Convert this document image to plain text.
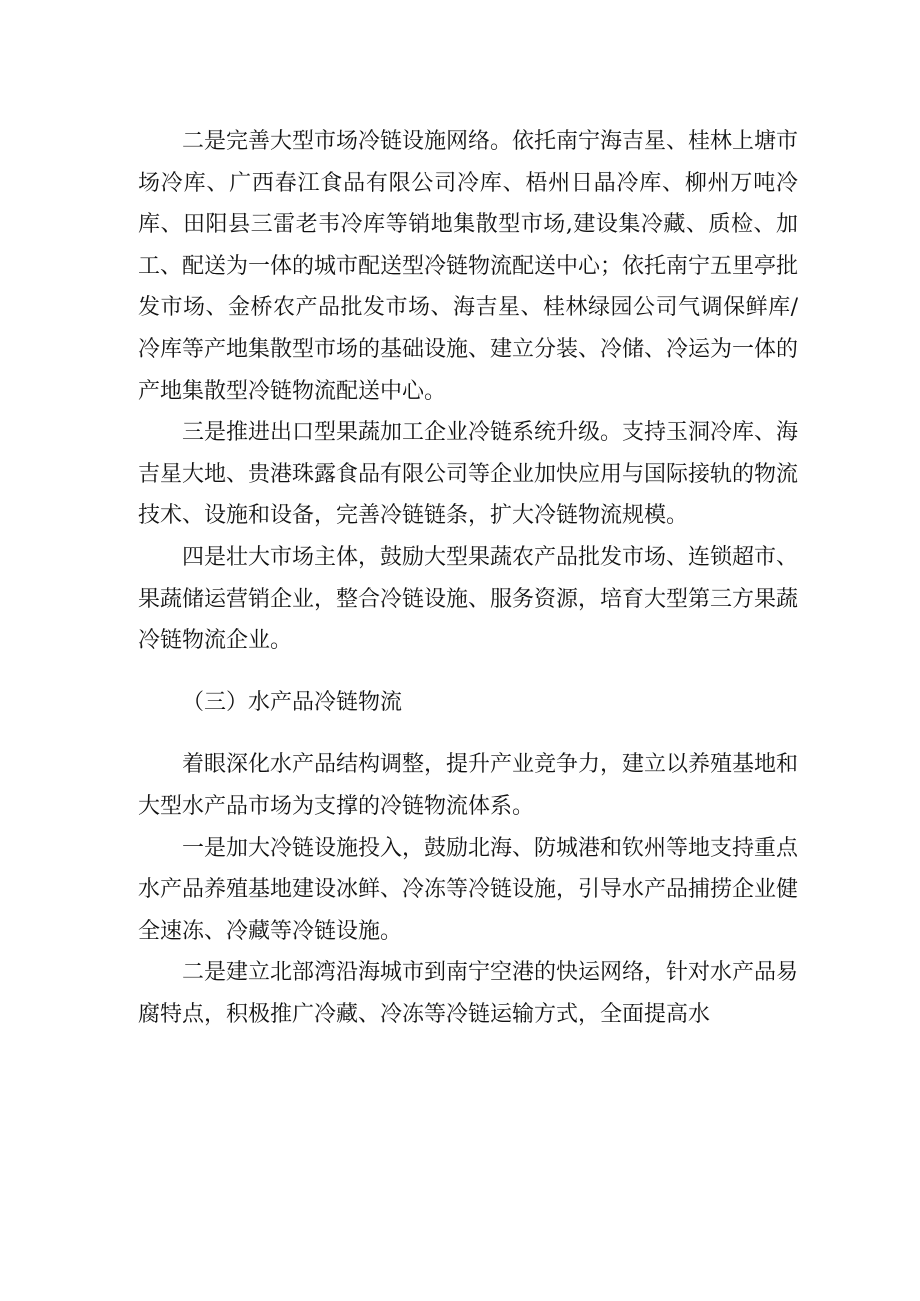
二是完善大型市场冷链设施网络。依托南宁海吉星、桂林上塘市场冷库、广西春江食品有限公司冷库、梧州日晶冷库、柳州万吨冷库、田阳县三雷老韦冷库等销地集散型市场,建设集冷藏、质检、加工、配送为一体的城市配送型冷链物流配送中心；依托南宁五里亭批发市场、金桥农产品批发市场、海吉星、桂林绿园公司气调保鲜库/冷库等产地集散型市场的基础设施、建立分装、冷储、冷运为一体的产地集散型冷链物流配送中心。

三是推进出口型果蔬加工企业冷链系统升级。支持玉洞冷库、海吉星大地、贵港珠露食品有限公司等企业加快应用与国际接轨的物流技术、设施和设备，完善冷链链条，扩大冷链物流规模。

四是壮大市场主体，鼓励大型果蔬农产品批发市场、连锁超市、果蔬储运营销企业，整合冷链设施、服务资源，培育大型第三方果蔬冷链物流企业。

（三）水产品冷链物流

着眼深化水产品结构调整，提升产业竞争力，建立以养殖基地和大型水产品市场为支撑的冷链物流体系。

一是加大冷链设施投入，鼓励北海、防城港和钦州等地支持重点水产品养殖基地建设冰鲜、冷冻等冷链设施，引导水产品捕捞企业健全速冻、冷藏等冷链设施。

二是建立北部湾沿海城市到南宁空港的快运网络，针对水产品易腐特点，积极推广冷藏、冷冻等冷链运输方式，全面提高水
